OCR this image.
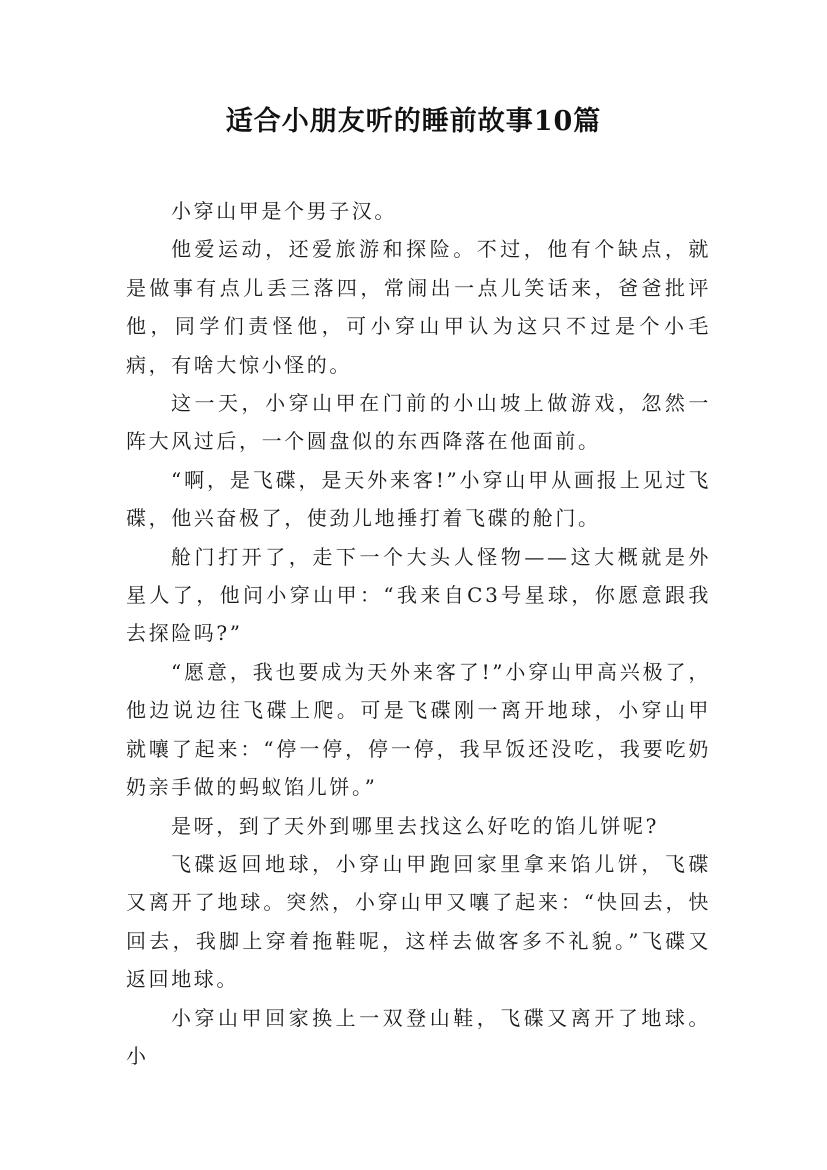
适合小朋友听的睡前故事10篇

小穿山甲是个男子汉。

他爱运动，还爱旅游和探险。不过，他有个缺点，就是做事有点儿丢三落四，常闹出一点儿笑话来，爸爸批评他，同学们责怪他，可小穿山甲认为这只不过是个小毛病，有啥大惊小怪的。

这一天，小穿山甲在门前的小山坡上做游戏，忽然一阵大风过后，一个圆盘似的东西降落在他面前。

“啊，是飞碟，是天外来客!”小穿山甲从画报上见过飞碟，他兴奋极了，使劲儿地捶打着飞碟的舱门。

舱门打开了，走下一个大头人怪物——这大概就是外星人了，他问小穿山甲：“我来自C3号星球，你愿意跟我去探险吗?”

“愿意，我也要成为天外来客了!”小穿山甲高兴极了，他边说边往飞碟上爬。可是飞碟刚一离开地球，小穿山甲就嚷了起来：“停一停，停一停，我早饭还没吃，我要吃奶奶亲手做的蚂蚁馅儿饼。”

是呀，到了天外到哪里去找这么好吃的馅儿饼呢?

飞碟返回地球，小穿山甲跑回家里拿来馅儿饼，飞碟又离开了地球。突然，小穿山甲又嚷了起来：“快回去，快回去，我脚上穿着拖鞋呢，这样去做客多不礼貌。”飞碟又返回地球。

小穿山甲回家换上一双登山鞋，飞碟又离开了地球。小
